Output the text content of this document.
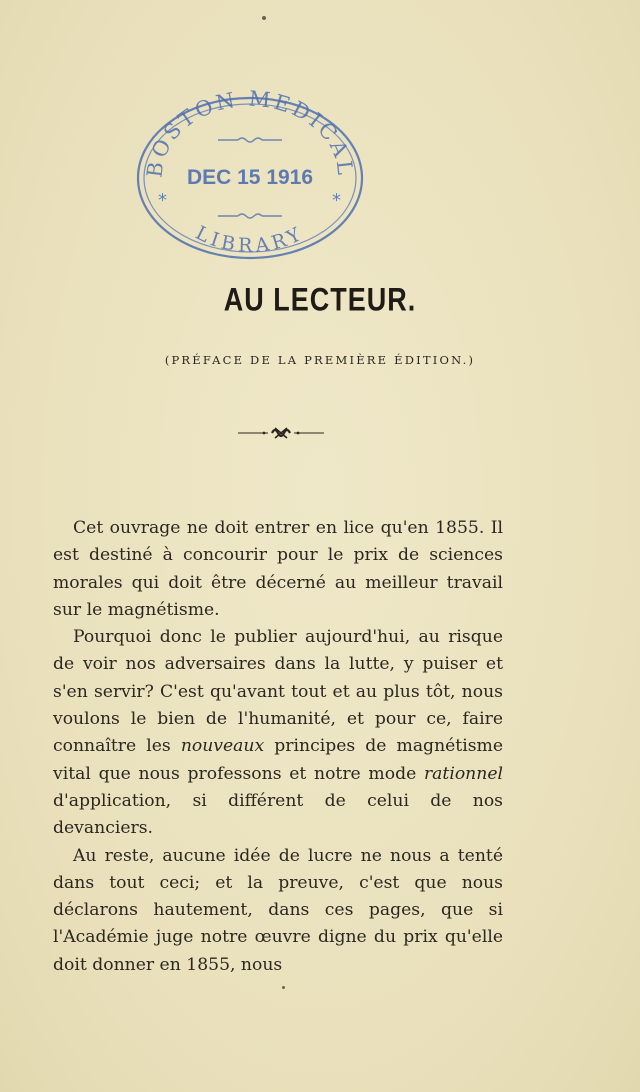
BOSTON MEDICAL
DEC 15 1916
*	*
LIBRARY
AU LECTEUR.
(PRÉFACE DE LA PREMIÈRE ÉDITION.)

Cet ouvrage ne doit entrer en lice qu'en 1855. Il est destiné à concourir pour le prix de sciences morales qui doit être décerné au meilleur travail sur le magnétisme.

Pourquoi donc le publier aujourd'hui, au risque de voir nos adversaires dans la lutte, y puiser et s'en servir? C'est qu'avant tout et au plus tôt, nous voulons le bien de l'humanité, et pour ce, faire connaître les nouveaux principes de magnétisme vital que nous professons et notre mode rationnel d'application, si différent de celui de nos devanciers.

Au reste, aucune idée de lucre ne nous a tenté dans tout ceci; et la preuve, c'est que nous déclarons hautement, dans ces pages, que si l'Académie juge notre œuvre digne du prix qu'elle doit donner en 1855, nous
